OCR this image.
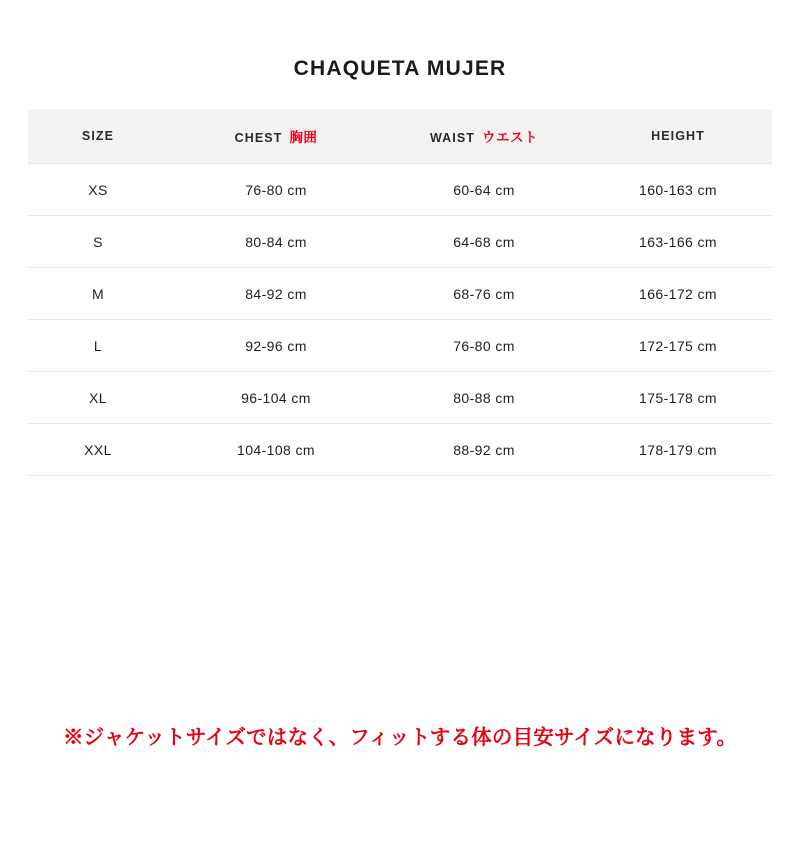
CHAQUETA MUJER
SIZE	CHEST 胸囲	WAIST ウエスト	HEIGHT
XS	76-80 cm	60-64 cm	160-163 cm
S	80-84 cm	64-68 cm	163-166 cm
M	84-92 cm	68-76 cm	166-172 cm
L	92-96 cm	76-80 cm	172-175 cm
XL	96-104 cm	80-88 cm	175-178 cm
XXL	104-108 cm	88-92 cm	178-179 cm
※ジャケットサイズではなく、フィットする体の目安サイズになります。
